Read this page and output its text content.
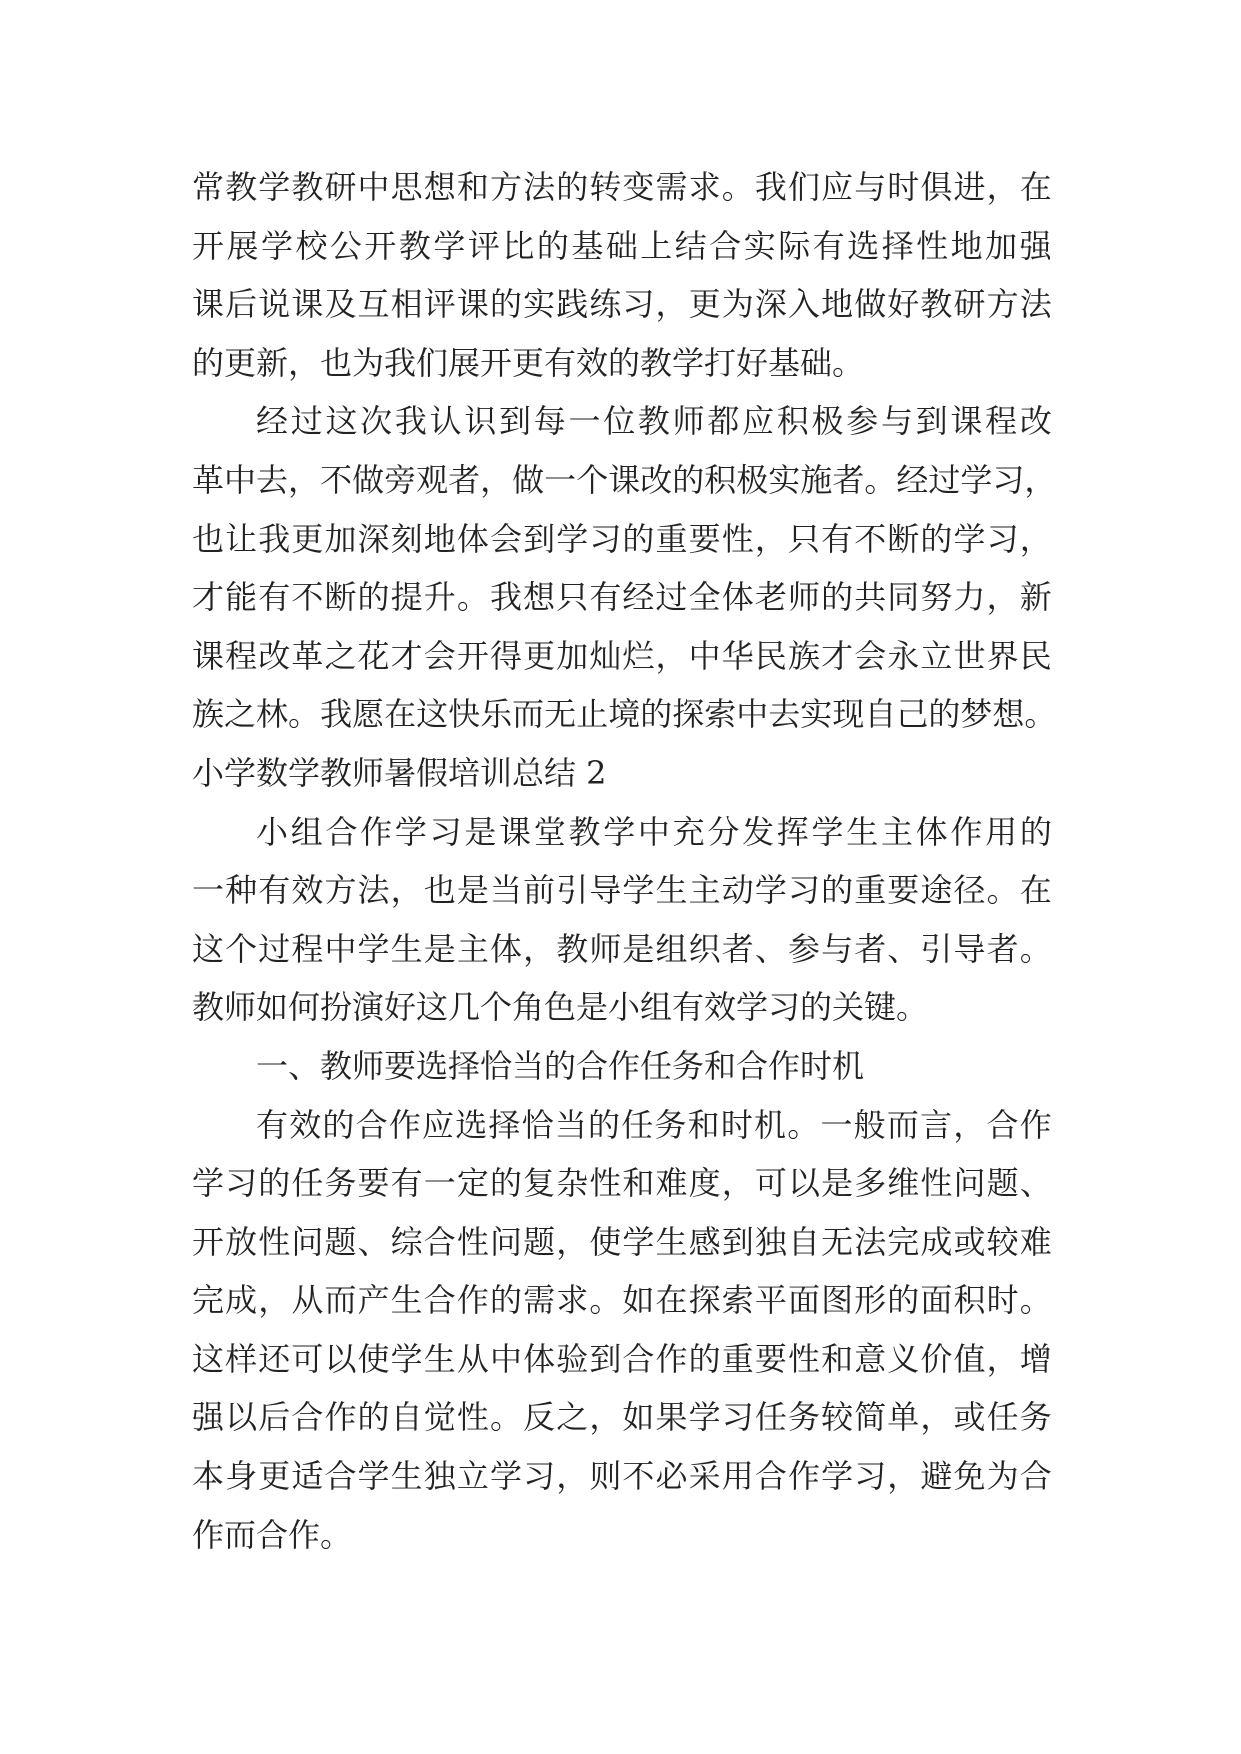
常 教 学 教 研 中 思 想 和 方 法 的 转 变 需 求 。 我 们 应 与 时 俱 进 ， 在
开 展 学 校 公 开 教 学 评 比 的 基 础 上 结 合 实 际 有 选 择 性 地 加 强
课 后 说 课 及 互 相 评 课 的 实 践 练 习 ， 更 为 深 入 地 做 好 教 研 方 法
的更新，也为我们展开更有效的教学打好基础。
经 过 这 次 我 认 识 到 每 一 位 教 师 都 应 积 极 参 与 到 课 程 改
革 中 去 ， 不 做 旁 观 者 ， 做 一 个 课 改 的 积 极 实 施 者 。 经 过 学 习 ，
也 让 我 更 加 深 刻 地 体 会 到 学 习 的 重 要 性 ， 只 有 不 断 的 学 习 ，
才 能 有 不 断 的 提 升 。 我 想 只 有 经 过 全 体 老 师 的 共 同 努 力 ， 新
课 程 改 革 之 花 才 会 开 得 更 加 灿 烂 ， 中 华 民 族 才 会 永 立 世 界 民
族 之 林 。 我 愿 在 这 快 乐 而 无 止 境 的 探 索 中 去 实 现 自 己 的 梦 想 。
小学数学教师暑假培训总结 2
小 组 合 作 学 习 是 课 堂 教 学 中 充 分 发 挥 学 生 主 体 作 用 的
一 种 有 效 方 法 ， 也 是 当 前 引 导 学 生 主 动 学 习 的 重 要 途 径 。 在
这 个 过 程 中 学 生 是 主 体 ， 教 师 是 组 织 者 、 参 与 者 、 引 导 者 。
教师如何扮演好这几个角色是小组有效学习的关键。
一、教师要选择恰当的合作任务和合作时机
有 效 的 合 作 应 选 择 恰 当 的 任 务 和 时 机 。 一 般 而 言 ， 合 作
学 习 的 任 务 要 有 一 定 的 复 杂 性 和 难 度 ， 可 以 是 多 维 性 问 题 、
开 放 性 问 题 、 综 合 性 问 题 ， 使 学 生 感 到 独 自 无 法 完 成 或 较 难
完 成 ， 从 而 产 生 合 作 的 需 求 。 如 在 探 索 平 面 图 形 的 面 积 时 。
这 样 还 可 以 使 学 生 从 中 体 验 到 合 作 的 重 要 性 和 意 义 价 值 ， 增
强 以 后 合 作 的 自 觉 性 。 反 之 ， 如 果 学 习 任 务 较 简 单 ， 或 任 务
本 身 更 适 合 学 生 独 立 学 习 ， 则 不 必 采 用 合 作 学 习 ， 避 免 为 合
作而合作。
